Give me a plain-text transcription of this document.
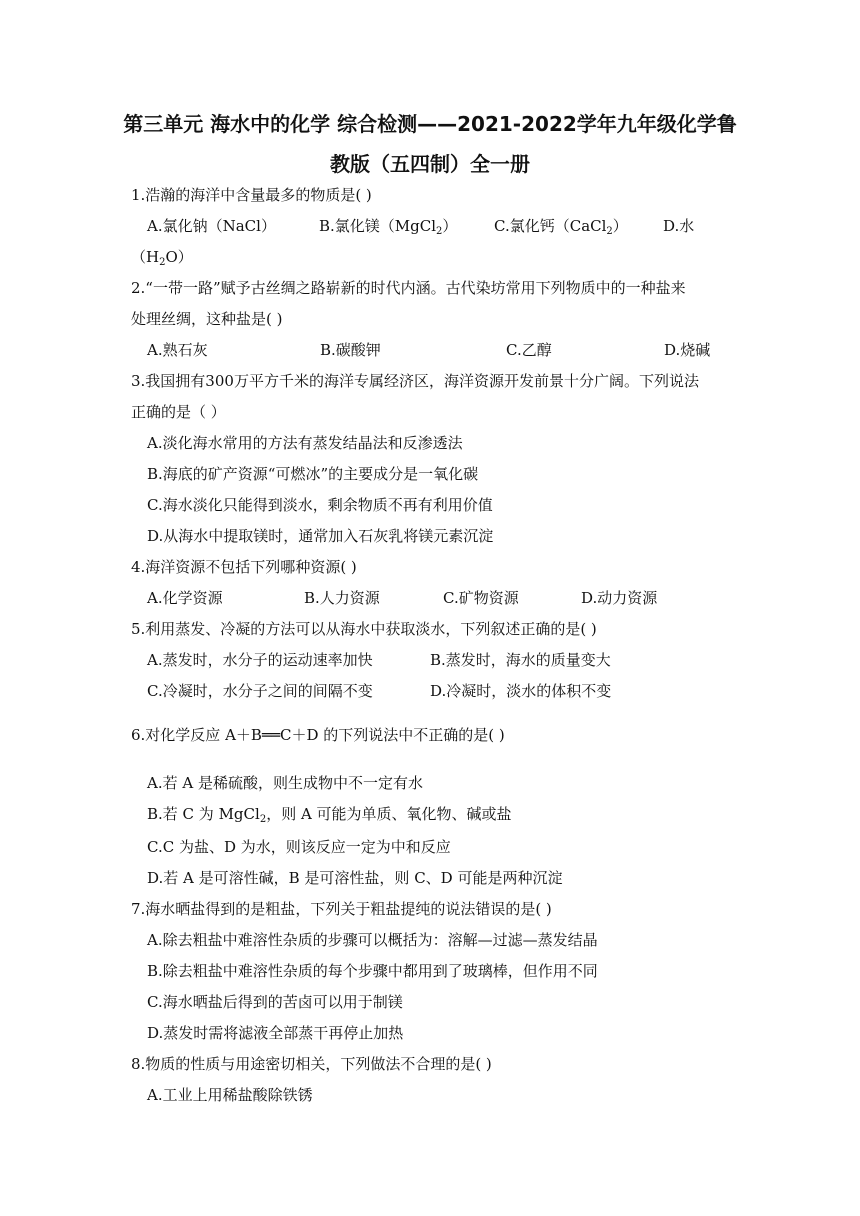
第三单元 海水中的化学 综合检测——2021-2022学年九年级化学鲁
教版（五四制）全一册
1.浩瀚的海洋中含量最多的物质是( )
A.氯化钠（NaCl）	B.氯化镁（MgCl$_2$） C.氯化钙（CaCl$_2$） D.水
$(H_2O)$
2.“一带一路”赋予古丝绸之路崭新的时代内涵。古代染坊常用下列物质中的一种盐来
处理丝绸，这种盐是( )
A.熟石灰	B.碳酸钾	C.乙醇	D.烧碱
3.我国拥有300万平方千米的海洋专属经济区，海洋资源开发前景十分广阔。下列说法
正确的是（ ）
A.淡化海水常用的方法有蒸发结晶法和反渗透法
B.海底的矿产资源“可燃冰”的主要成分是一氧化碳
C.海水淡化只能得到淡水，剩余物质不再有利用价值
D.从海水中提取镁时，通常加入石灰乳将镁元素沉淀
4.海洋资源不包括下列哪种资源( )
A.化学资源	B.人力资源	C.矿物资源	D.动力资源
5.利用蒸发、冷凝的方法可以从海水中获取淡水，下列叙述正确的是( )
A.蒸发时，水分子的运动速率加快	B.蒸发时，海水的质量变大
C.冷凝时，水分子之间的间隔不变	D.冷凝时，淡水的体积不变
6.对化学反应 A＋B══C＋D 的下列说法中不正确的是( )
A.若 A 是稀硫酸，则生成物中不一定有水
B.若 C 为 MgCl$_2$，则 A 可能为单质、氧化物、碱或盐
C.C 为盐、D 为水，则该反应一定为中和反应
D.若 A 是可溶性碱，B 是可溶性盐，则 C、D 可能是两种沉淀
7.海水晒盐得到的是粗盐，下列关于粗盐提纯的说法错误的是( )
A.除去粗盐中难溶性杂质的步骤可以概括为：溶解—过滤—蒸发结晶
B.除去粗盐中难溶性杂质的每个步骤中都用到了玻璃棒，但作用不同
C.海水晒盐后得到的苦卤可以用于制镁
D.蒸发时需将滤液全部蒸干再停止加热
8.物质的性质与用途密切相关，下列做法不合理的是( )
A.工业上用稀盐酸除铁锈
